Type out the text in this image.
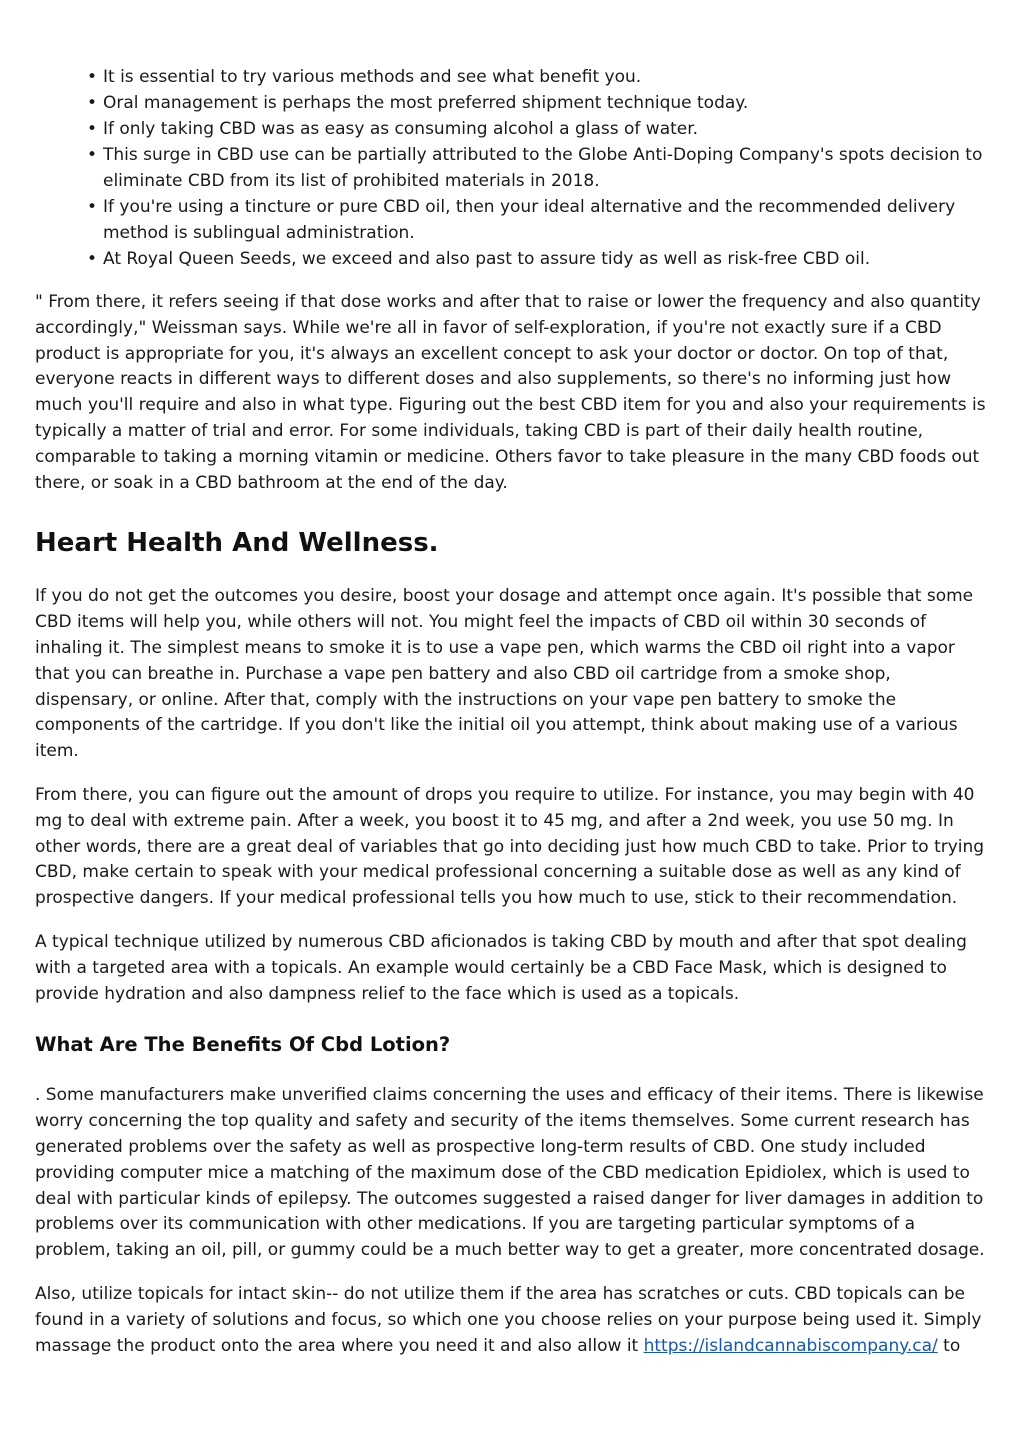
• It is essential to try various methods and see what benefit you.
• Oral management is perhaps the most preferred shipment technique today.
• If only taking CBD was as easy as consuming alcohol a glass of water.
• This surge in CBD use can be partially attributed to the Globe Anti-Doping Company's spots decision to eliminate CBD from its list of prohibited materials in 2018.
• If you're using a tincture or pure CBD oil, then your ideal alternative and the recommended delivery method is sublingual administration.
• At Royal Queen Seeds, we exceed and also past to assure tidy as well as risk-free CBD oil.

" From there, it refers seeing if that dose works and after that to raise or lower the frequency and also quantity accordingly," Weissman says. While we're all in favor of self-exploration, if you're not exactly sure if a CBD product is appropriate for you, it's always an excellent concept to ask your doctor or doctor. On top of that, everyone reacts in different ways to different doses and also supplements, so there's no informing just how much you'll require and also in what type. Figuring out the best CBD item for you and also your requirements is typically a matter of trial and error. For some individuals, taking CBD is part of their daily health routine, comparable to taking a morning vitamin or medicine. Others favor to take pleasure in the many CBD foods out there, or soak in a CBD bathroom at the end of the day.

Heart Health And Wellness.

If you do not get the outcomes you desire, boost your dosage and attempt once again. It's possible that some CBD items will help you, while others will not. You might feel the impacts of CBD oil within 30 seconds of inhaling it. The simplest means to smoke it is to use a vape pen, which warms the CBD oil right into a vapor that you can breathe in. Purchase a vape pen battery and also CBD oil cartridge from a smoke shop, dispensary, or online. After that, comply with the instructions on your vape pen battery to smoke the components of the cartridge. If you don't like the initial oil you attempt, think about making use of a various item.

From there, you can figure out the amount of drops you require to utilize. For instance, you may begin with 40 mg to deal with extreme pain. After a week, you boost it to 45 mg, and after a 2nd week, you use 50 mg. In other words, there are a great deal of variables that go into deciding just how much CBD to take. Prior to trying CBD, make certain to speak with your medical professional concerning a suitable dose as well as any kind of prospective dangers. If your medical professional tells you how much to use, stick to their recommendation.

A typical technique utilized by numerous CBD aficionados is taking CBD by mouth and after that spot dealing with a targeted area with a topicals. An example would certainly be a CBD Face Mask, which is designed to provide hydration and also dampness relief to the face which is used as a topicals.

What Are The Benefits Of Cbd Lotion?

. Some manufacturers make unverified claims concerning the uses and efficacy of their items. There is likewise worry concerning the top quality and safety and security of the items themselves. Some current research has generated problems over the safety as well as prospective long-term results of CBD. One study included providing computer mice a matching of the maximum dose of the CBD medication Epidiolex, which is used to deal with particular kinds of epilepsy. The outcomes suggested a raised danger for liver damages in addition to problems over its communication with other medications. If you are targeting particular symptoms of a problem, taking an oil, pill, or gummy could be a much better way to get a greater, more concentrated dosage.

Also, utilize topicals for intact skin-- do not utilize them if the area has scratches or cuts. CBD topicals can be found in a variety of solutions and focus, so which one you choose relies on your purpose being used it. Simply massage the product onto the area where you need it and also allow it https://islandcannabiscompany.ca/ to
